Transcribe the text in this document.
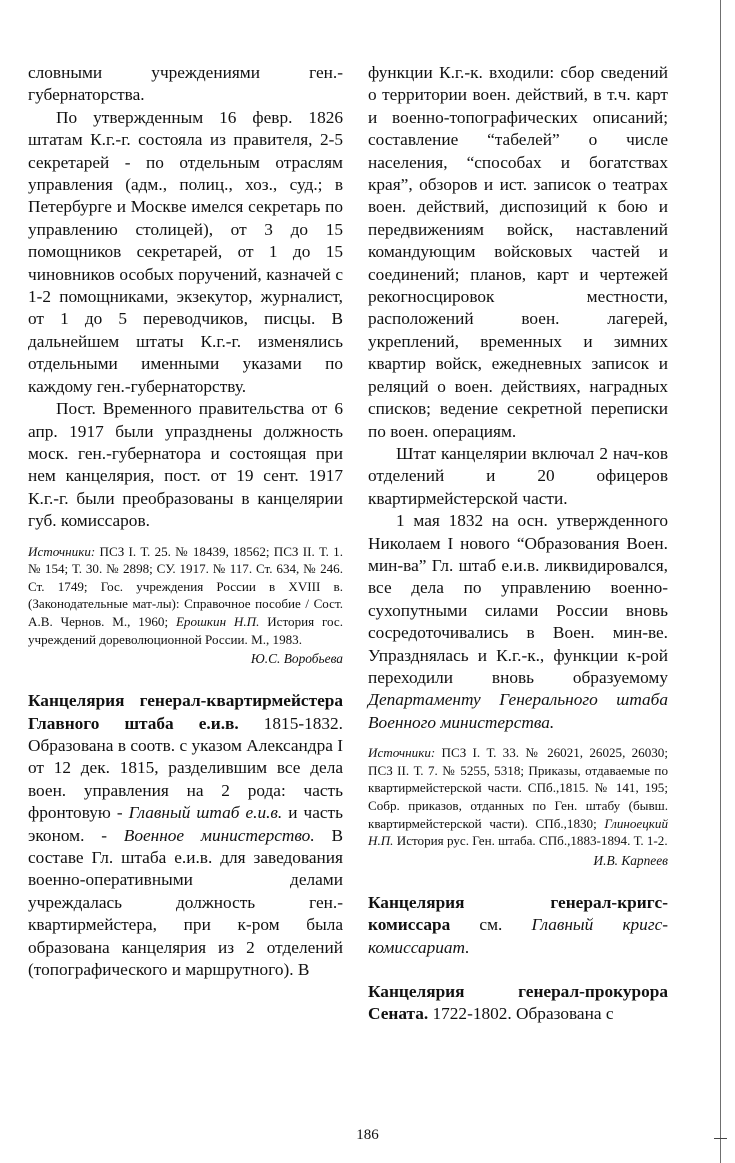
словными учреждениями ген.-губернаторства.

По утвержденным 16 февр. 1826 штатам К.г.-г. состояла из правителя, 2-5 секретарей - по отдельным отраслям управления (адм., полиц., хоз., суд.; в Петербурге и Москве имелся секретарь по управлению столицей), от 3 до 15 помощников секретарей, от 1 до 15 чиновников особых поручений, казначей с 1-2 помощниками, экзекутор, журналист, от 1 до 5 переводчиков, писцы. В дальнейшем штаты К.г.-г. изменялись отдельными именными указами по каждому ген.-губернаторству.

Пост. Временного правительства от 6 апр. 1917 были упразднены должность моск. ген.-губернатора и состоящая при нем канцелярия, пост. от 19 сент. 1917 К.г.-г. были преобразованы в канцелярии губ. комиссаров.

Источники: ПСЗ I. Т. 25. № 18439, 18562; ПСЗ II. Т. 1. № 154; Т. 30. № 2898; СУ. 1917. № 117. Ст. 634, № 246. Ст. 1749; Гос. учреждения России в XVIII в. (Законодательные мат-лы): Справочное пособие / Сост. А.В. Чернов. М., 1960; Ерошкин Н.П. История гос. учреждений дореволюционной России. М., 1983.

Ю.С. Воробьева

Канцелярия генерал-квартирмейстера Главного штаба е.и.в. 1815-1832. Образована в соотв. с указом Александра I от 12 дек. 1815, разделившим все дела воен. управления на 2 рода: часть фронтовую - Главный штаб е.и.в. и часть эконом. - Военное министерство. В составе Гл. штаба е.и.в. для заведования военно-оперативными делами учреждалась должность ген.-квартирмейстера, при к-ром была образована канцелярия из 2 отделений (топографического и маршрутного). В

функции К.г.-к. входили: сбор сведений о территории воен. действий, в т.ч. карт и военно-топографических описаний; составление “табелей” о числе населения, “способах и богатствах края”, обзоров и ист. записок о театрах воен. действий, диспозиций к бою и передвижениям войск, наставлений командующим войсковых частей и соединений; планов, карт и чертежей рекогносцировок местности, расположений воен. лагерей, укреплений, временных и зимних квартир войск, ежедневных записок и реляций о воен. действиях, наградных списков; ведение секретной переписки по воен. операциям.

Штат канцелярии включал 2 нач-ков отделений и 20 офицеров квартирмейстерской части.

1 мая 1832 на осн. утвержденного Николаем I нового “Образования Воен. мин-ва” Гл. штаб е.и.в. ликвидировался, все дела по управлению военно-сухопутными силами России вновь сосредоточивались в Воен. мин-ве. Упразднялась и К.г.-к., функции к-рой переходили вновь образуемому Департаменту Генерального штаба Военного министерства.

Источники: ПСЗ I. Т. 33. № 26021, 26025, 26030; ПСЗ II. Т. 7. № 5255, 5318; Приказы, отдаваемые по квартирмейстерской части. СПб.,1815. № 141, 195; Собр. приказов, отданных по Ген. штабу (бывш. квартирмейстерской части). СПб.,1830; Глиноецкий Н.П. История рус. Ген. штаба. СПб.,1883-1894. Т. 1-2.

И.В. Карпеев

Канцелярия генерал-кригс-комиссара см. Главный кригс-комиссариат.

Канцелярия генерал-прокурора Сената. 1722-1802. Образована с

186
